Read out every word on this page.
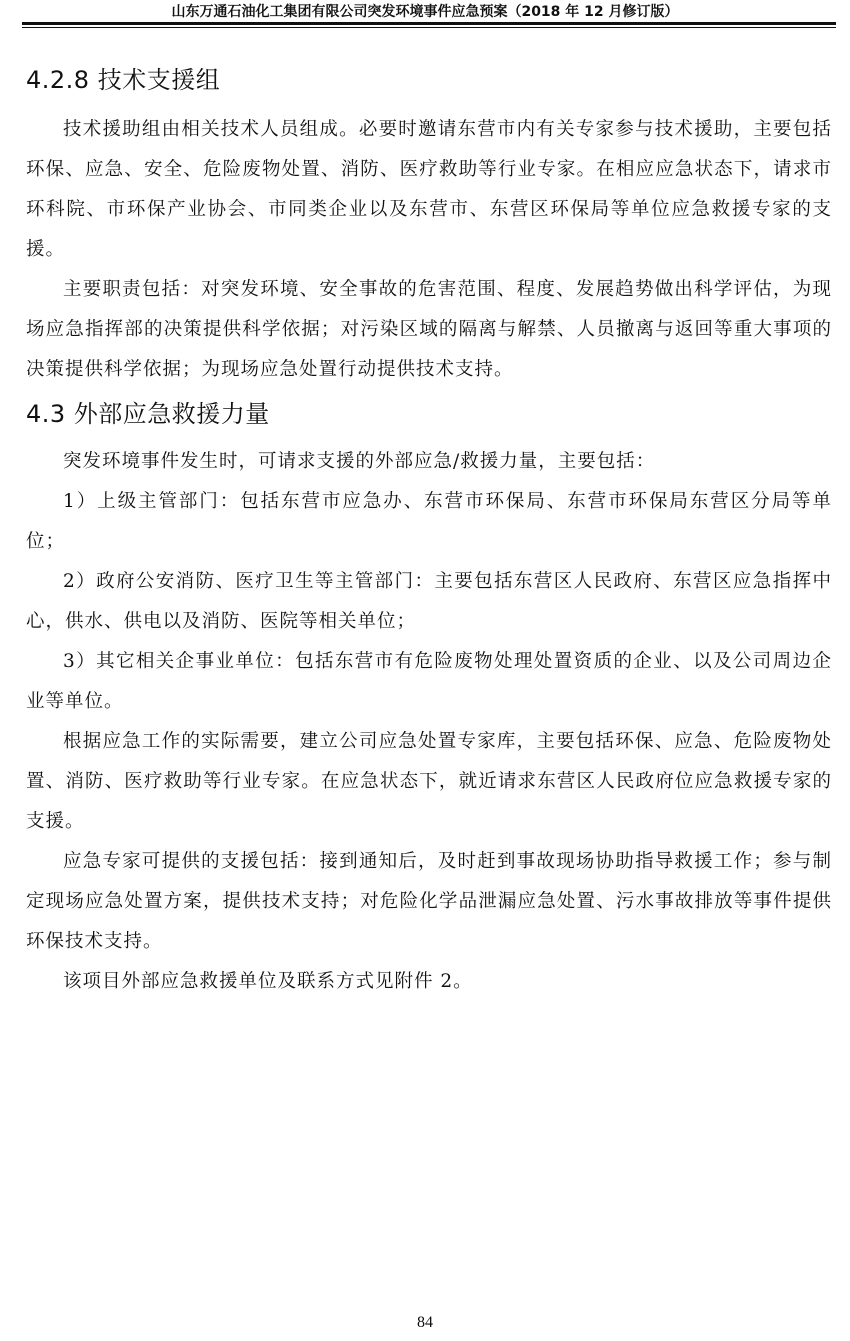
山东万通石油化工集团有限公司突发环境事件应急预案（2018 年 12 月修订版）
4.2.8 技术支援组

技术援助组由相关技术人员组成。必要时邀请东营市内有关专家参与技术援助，主要包括环保、应急、安全、危险废物处置、消防、医疗救助等行业专家。在相应应急状态下，请求市环科院、市环保产业协会、市同类企业以及东营市、东营区环保局等单位应急救援专家的支援。

主要职责包括：对突发环境、安全事故的危害范围、程度、发展趋势做出科学评估，为现场应急指挥部的决策提供科学依据；对污染区域的隔离与解禁、人员撤离与返回等重大事项的决策提供科学依据；为现场应急处置行动提供技术支持。

4.3 外部应急救援力量

突发环境事件发生时，可请求支援的外部应急/救援力量，主要包括：

1）上级主管部门：包括东营市应急办、东营市环保局、东营市环保局东营区分局等单位；

2）政府公安消防、医疗卫生等主管部门：主要包括东营区人民政府、东营区应急指挥中心，供水、供电以及消防、医院等相关单位；

3）其它相关企事业单位：包括东营市有危险废物处理处置资质的企业、以及公司周边企业等单位。

根据应急工作的实际需要，建立公司应急处置专家库，主要包括环保、应急、危险废物处置、消防、医疗救助等行业专家。在应急状态下，就近请求东营区人民政府位应急救援专家的支援。

应急专家可提供的支援包括：接到通知后，及时赶到事故现场协助指导救援工作；参与制定现场应急处置方案，提供技术支持；对危险化学品泄漏应急处置、污水事故排放等事件提供环保技术支持。

该项目外部应急救援单位及联系方式见附件 2。

84
